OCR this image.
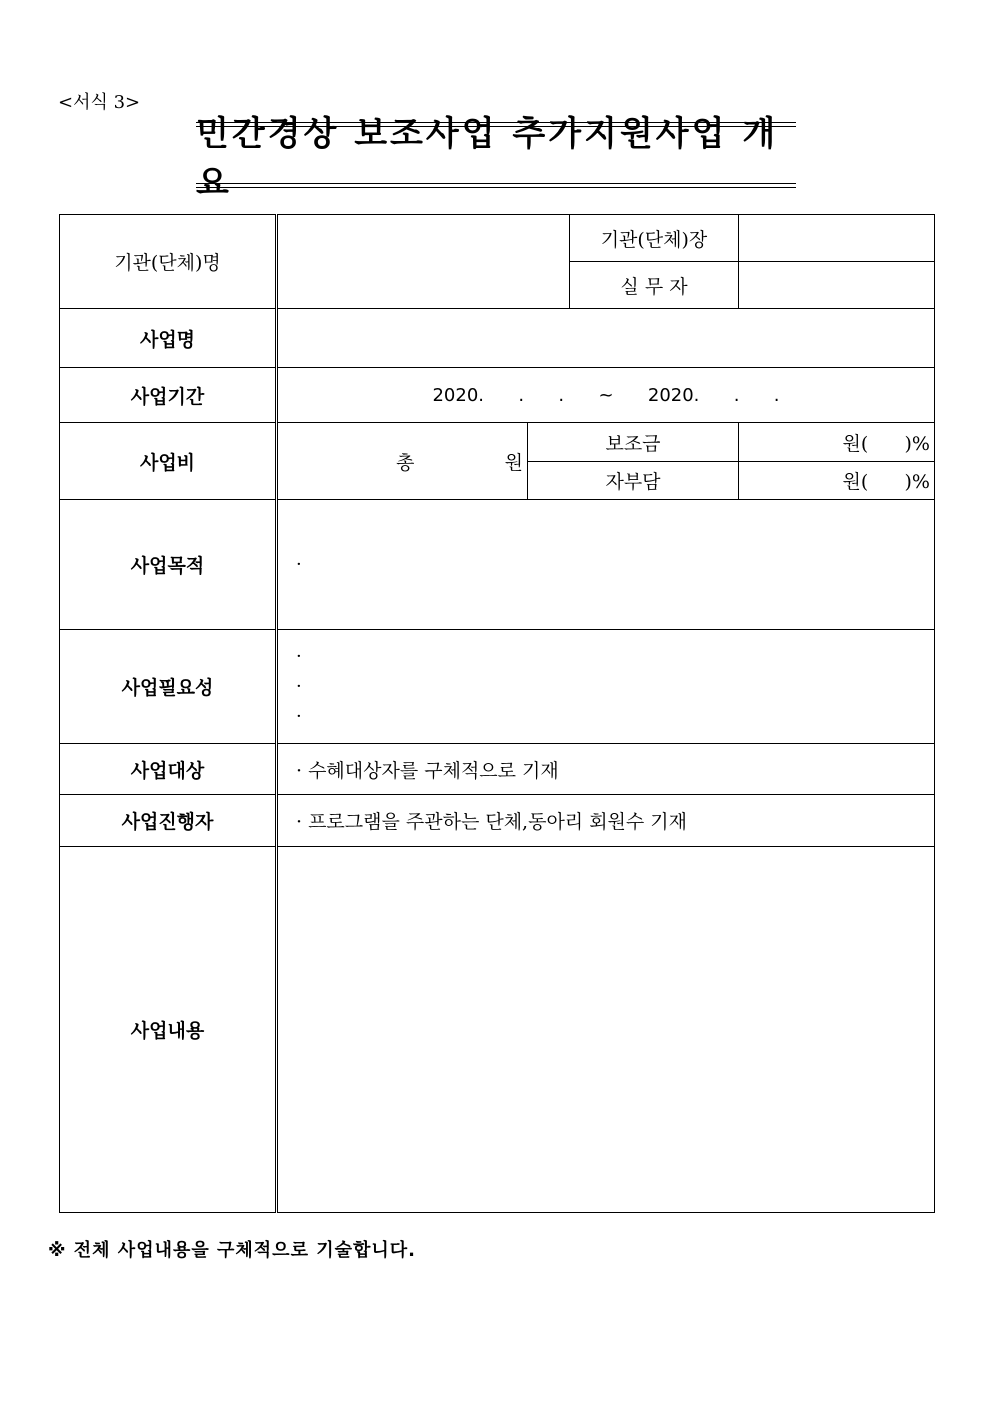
<서식 3>
민간경상 보조사업 추가지원사업 개요
기관(단체)명			기관(단체)장	
			실 무 자	
사업명				
사업기간	2020.      .      .      ~      2020.      .      .			
사업비	총 원	보조금		원(      )%
		자부담		원(      )%
사업목적	·			

사업필요성	·
·
·			

사업대상	· 수혜대상자를 구체적으로 기재			
사업진행자	· 프로그램을 주관하는 단체,동아리 회원수 기재			
사업내용				
※ 전체 사업내용을 구체적으로 기술합니다.
